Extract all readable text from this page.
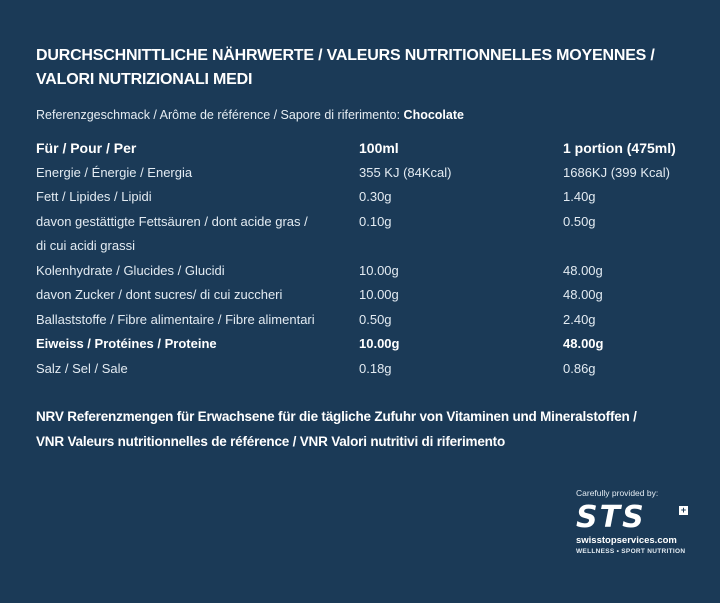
DURCHSCHNITTLICHE NÄHRWERTE / VALEURS NUTRITIONNELLES MOYENNES /
VALORI NUTRIZIONALI MEDI
Referenzgeschmack / Arôme de référence / Sapore di riferimento: Chocolate
Für / Pour / Per	100ml	1 portion (475ml)
Energie / Énergie / Energia	355 KJ (84Kcal)	1686KJ (399 Kcal)
Fett / Lipides / Lipidi	0.30g	1.40g

davon gestättigte Fettsäuren / dont acide gras /
di cui acidi grassi	0.10g	0.50g
Kolenhydrate / Glucides / Glucidi	10.00g	48.00g
davon Zucker / dont sucres/ di cui zuccheri	10.00g	48.00g
Ballaststoffe / Fibre alimentaire / Fibre alimentari	0.50g	2.40g
Eiweiss / Protéines / Proteine	10.00g	48.00g
Salz / Sel / Sale	0.18g	0.86g
NRV Referenzmengen für Erwachsene für die tägliche Zufuhr von Vitaminen und Mineralstoffen /
VNR Valeurs nutritionnelles de référence / VNR Valori nutritivi di riferimento
Carefully provided by:
STS	+
swisstopservices.com
WELLNESS • SPORT NUTRITION
